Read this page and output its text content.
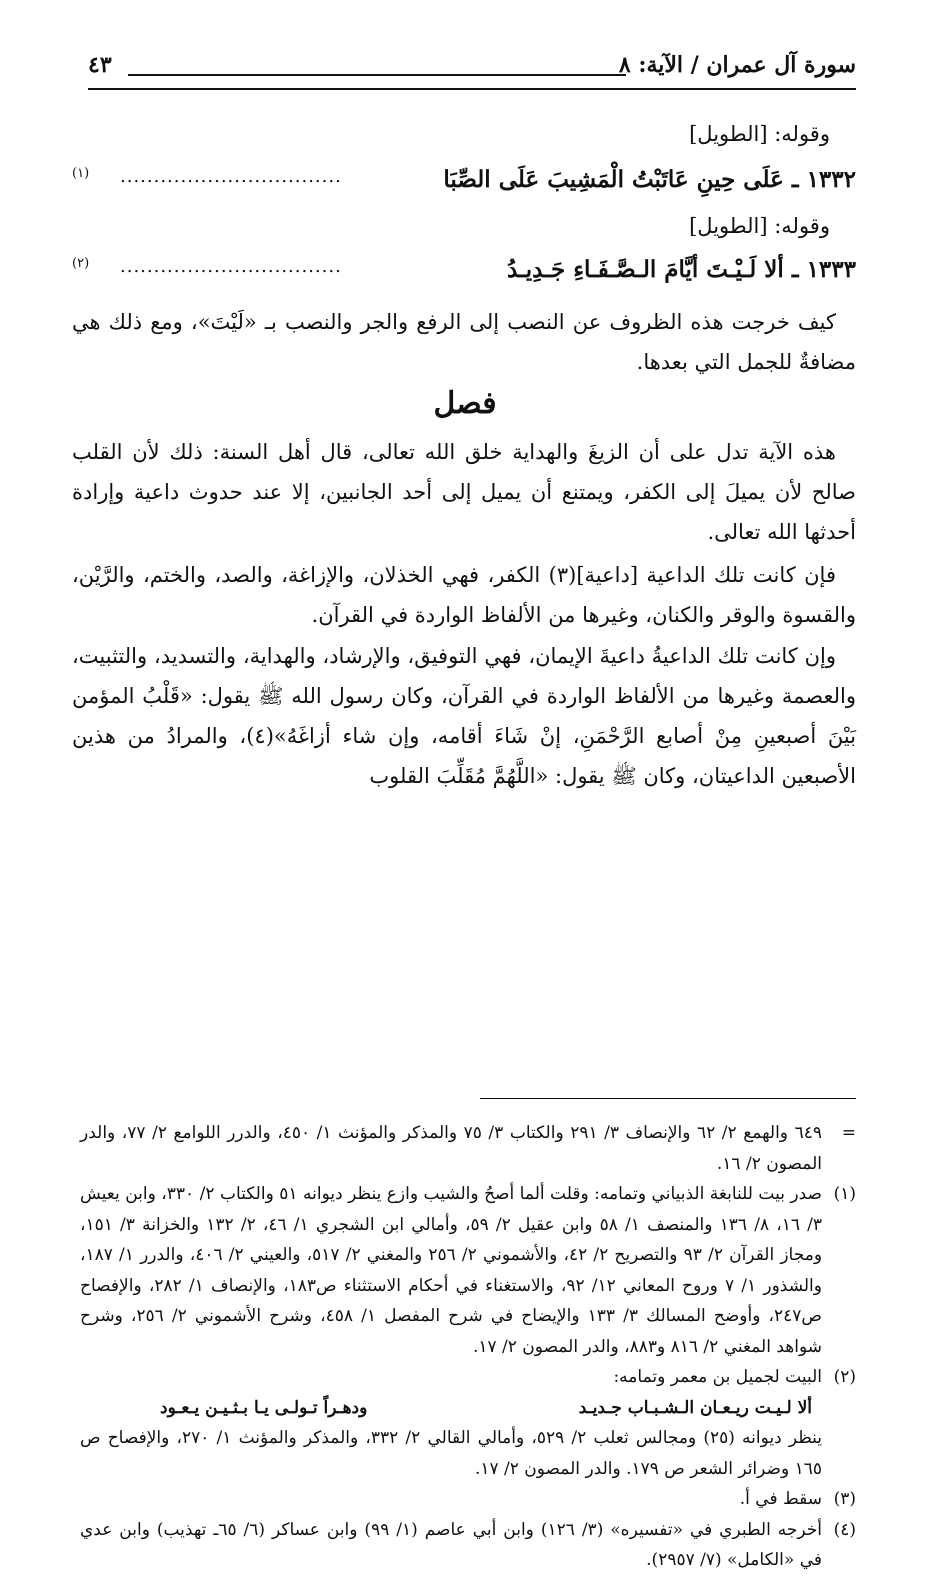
سورة آل عمران / الآية: ٨
٤٣
وقوله: [الطويل]
١٣٣٢ ـ عَلَى حِينِ عَاتَبْتُ الْمَشِيبَ عَلَى الصِّبَا
.................................
(١)
وقوله: [الطويل]
١٣٣٣ ـ ألا لَـيْـتَ أيَّامَ الـصَّـفَـاءِ جَـدِيـدُ
.................................
(٢)
كيف خرجت هذه الظروف عن النصب إلى الرفع والجر والنصب بـ «لَيْتَ»، ومع ذلك هي مضافةٌ للجمل التي بعدها.
فصل
هذه الآية تدل على أن الزيغَ والهداية خلق الله تعالى، قال أهل السنة: ذلك لأن القلب صالح لأن يميلَ إلى الكفر، ويمتنع أن يميل إلى أحد الجانبين، إلا عند حدوث داعية وإرادة أحدثها الله تعالى.
فإن كانت تلك الداعية [داعية](٣) الكفر، فهي الخذلان، والإزاغة، والصد، والختم، والرَّيْن، والقسوة والوقر والكنان، وغيرها من الألفاظ الواردة في القرآن.
وإن كانت تلك الداعيةُ داعيةَ الإيمان، فهي التوفيق، والإرشاد، والهداية، والتسديد، والتثبيت، والعصمة وغيرها من الألفاظ الواردة في القرآن، وكان رسول الله ﷺ يقول: «قَلْبُ المؤمن بَيْنَ أصبعينِ مِنْ أصابع الرَّحْمَنِ، إنْ شَاءَ أقامه، وإن شاء أزاغَهُ»(٤)، والمرادُ من هذين الأصبعين الداعيتان، وكان ﷺ يقول: «اللَّهُمَّ مُقَلِّبَ القلوب
=
٦٤٩ والهمع ٢/ ٦٢ والإنصاف ٣/ ٢٩١ والكتاب ٣/ ٧٥ والمذكر والمؤنث ١/ ٤٥٠، والدرر اللوامع ٢/ ٧٧، والدر المصون ٢/ ١٦.
(١)
صدر بيت للنابغة الذبياني وتمامه: وقلت ألما أصحُ والشيب وازع ينظر ديوانه ٥١ والكتاب ٢/ ٣٣٠، وابن يعيش ٣/ ١٦، ٨/ ١٣٦ والمنصف ١/ ٥٨ وابن عقيل ٢/ ٥٩، وأمالي ابن الشجري ١/ ٤٦، ٢/ ١٣٢ والخزانة ٣/ ١٥١، ومجاز القرآن ٢/ ٩٣ والتصريح ٢/ ٤٢، والأشموني ٢/ ٢٥٦ والمغني ٢/ ٥١٧، والعيني ٢/ ٤٠٦، والدرر ١/ ١٨٧، والشذور ١/ ٧ وروح المعاني ١٢/ ٩٢، والاستغناء في أحكام الاستثناء ص١٨٣، والإنصاف ١/ ٢٨٢، والإفصاح ص٢٤٧، وأوضح المسالك ٣/ ١٣٣ والإيضاح في شرح المفصل ١/ ٤٥٨، وشرح الأشموني ٢/ ٢٥٦، وشرح شواهد المغني ٢/ ٨١٦ و٨٨٣، والدر المصون ٢/ ١٧.
(٢)
البيت لجميل بن معمر وتمامه:
ألا لـيـت ريـعـان الـشـبـاب جـديـد
ودهـراً تـولـى يـا بـثـيـن يـعـود
ينظر ديوانه (٢٥) ومجالس ثعلب ٢/ ٥٢٩، وأمالي القالي ٢/ ٣٣٢، والمذكر والمؤنث ١/ ٢٧٠، والإفصاح ص ١٦٥ وضرائر الشعر ص ١٧٩. والدر المصون ٢/ ١٧.
(٣)
سقط في أ.
(٤)
أخرجه الطبري في «تفسيره» (٣/ ١٢٦) وابن أبي عاصم (١/ ٩٩) وابن عساكر (٦/ ٦٥ـ تهذيب) وابن عدي في «الكامل» (٧/ ٢٩٥٧).
